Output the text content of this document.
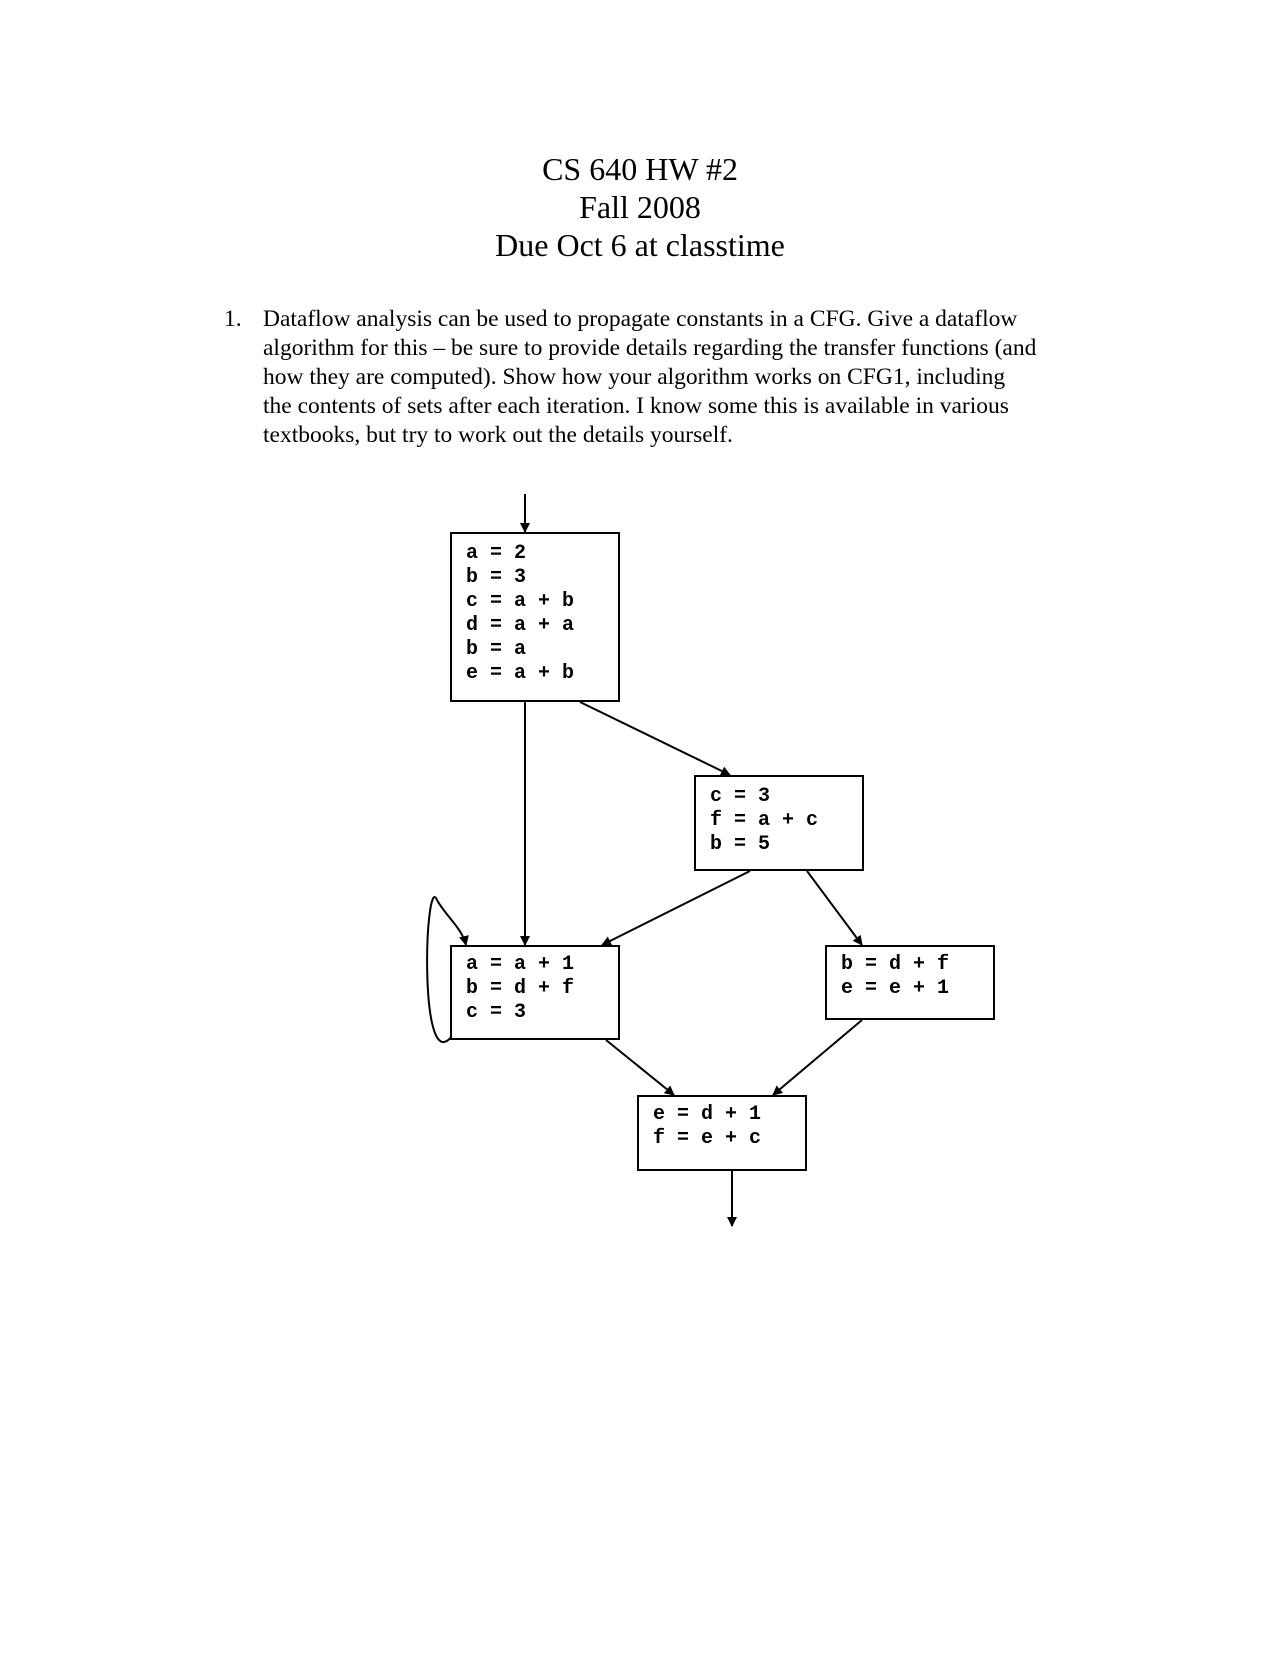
CS 640 HW #2
Fall 2008
Due Oct 6 at classtime
1. Dataflow analysis can be used to propagate constants in a CFG. Give a dataflow
algorithm for this – be sure to provide details regarding the transfer functions (and
how they are computed). Show how your algorithm works on CFG1, including
the contents of sets after each iteration. I know some this is available in various
textbooks, but try to work out the details yourself.

a = 2
b = 3
c = a + b
d = a + a
b = a
e = a + b
c = 3
f = a + c
b = 5
a = a + 1
b = d + f
c = 3
b = d + f
e = e + 1
e = d + 1
f = e + c
